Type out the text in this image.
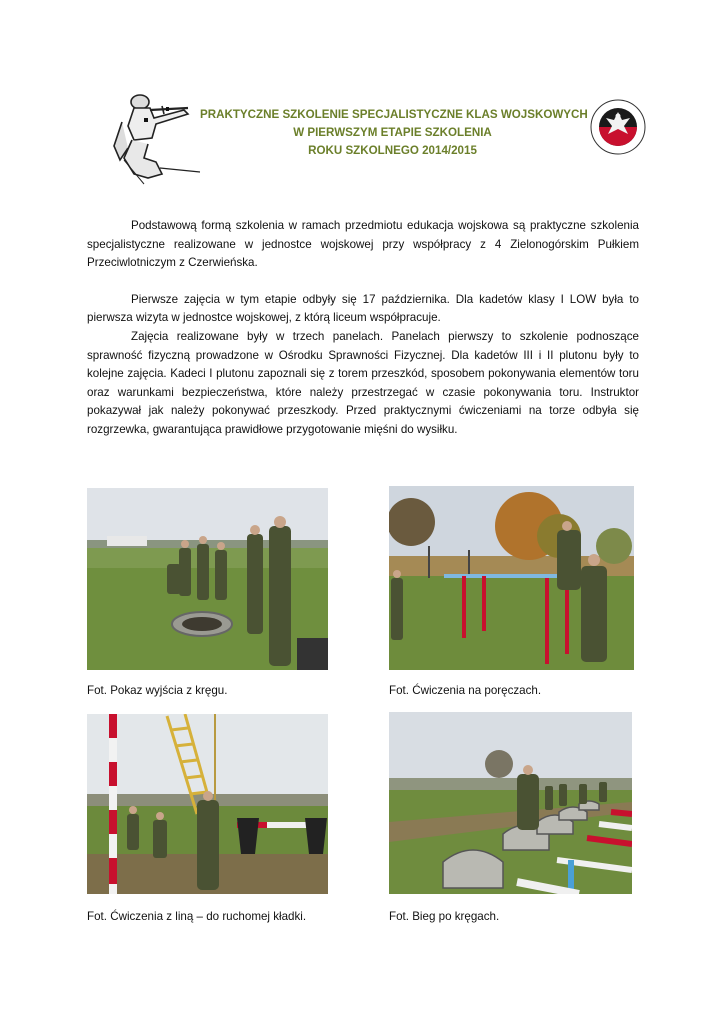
PRAKTYCZNE SZKOLENIE SPECJALISTYCZNE KLAS WOJSKOWYCH
W PIERWSZYM ETAPIE SZKOLENIA
ROKU SZKOLNEGO 2014/2015

Podstawową formą szkolenia w ramach przedmiotu edukacja wojskowa są praktyczne szkolenia specjalistyczne realizowane w jednostce wojskowej przy współpracy z 4 Zielonogórskim Pułkiem Przeciwlotniczym z Czerwieńska.

Pierwsze zajęcia w tym etapie odbyły się 17 października. Dla kadetów klasy I LOW była to pierwsza wizyta w jednostce wojskowej, z którą liceum współpracuje.

Zajęcia realizowane były w trzech panelach. Panelach pierwszy to szkolenie podnoszące sprawność fizyczną prowadzone w Ośrodku Sprawności Fizycznej. Dla kadetów III i II plutonu były to kolejne zajęcia. Kadeci I plutonu zapoznali się z torem przeszkód, sposobem pokonywania elementów toru oraz warunkami bezpieczeństwa, które należy przestrzegać w czasie pokonywania toru. Instruktor pokazywał jak należy pokonywać przeszkody. Przed praktycznymi ćwiczeniami na torze odbyła się rozgrzewka, gwarantująca prawidłowe przygotowanie mięśni do wysiłku.

Fot. Pokaz wyjścia z kręgu.	Fot. Ćwiczenia na poręczach.
Fot. Ćwiczenia z liną – do ruchomej kładki.	Fot. Bieg po kręgach.
